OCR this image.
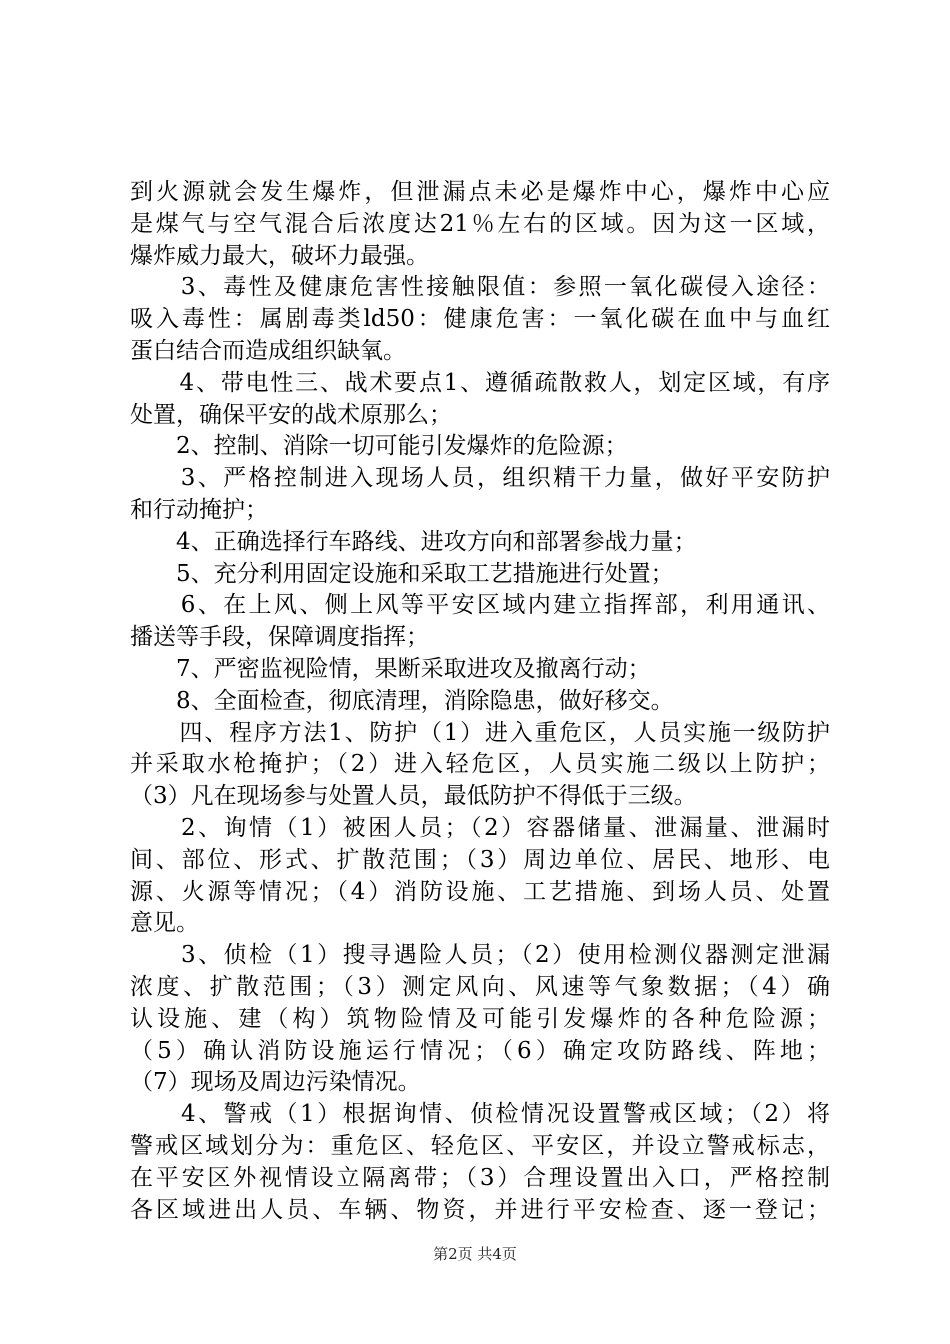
到火源就会发生爆炸，但泄漏点未必是爆炸中心，爆炸中心应
是煤气与空气混合后浓度达21％左右的区域。因为这一区域，
爆炸威力最大，破坏力最强。
　　3、毒性及健康危害性接触限值：参照一氧化碳侵入途径：
吸入毒性：属剧毒类ld50：健康危害：一氧化碳在血中与血红
蛋白结合而造成组织缺氧。
　　4、带电性三、战术要点1、遵循疏散救人，划定区域，有序
处置，确保平安的战术原那么；
　　2、控制、消除一切可能引发爆炸的危险源；
　　3、严格控制进入现场人员，组织精干力量，做好平安防护
和行动掩护；
　　4、正确选择行车路线、进攻方向和部署参战力量；
　　5、充分利用固定设施和采取工艺措施进行处置；
　　6、在上风、侧上风等平安区域内建立指挥部，利用通讯、
播送等手段，保障调度指挥；
　　7、严密监视险情，果断采取进攻及撤离行动；
　　8、全面检查，彻底清理，消除隐患，做好移交。
　　四、程序方法1、防护（1）进入重危区，人员实施一级防护
并采取水枪掩护；（2）进入轻危区，人员实施二级以上防护；
（3）凡在现场参与处置人员，最低防护不得低于三级。
　　2、询情（1）被困人员；（2）容器储量、泄漏量、泄漏时
间、部位、形式、扩散范围；（3）周边单位、居民、地形、电
源、火源等情况；（4）消防设施、工艺措施、到场人员、处置
意见。
　　3、侦检（1）搜寻遇险人员；（2）使用检测仪器测定泄漏
浓度、扩散范围；（3）测定风向、风速等气象数据；（4）确
认设施、建（构）筑物险情及可能引发爆炸的各种危险源；
（5）确认消防设施运行情况；（6）确定攻防路线、阵地；
（7）现场及周边污染情况。
　　4、警戒（1）根据询情、侦检情况设置警戒区域；（2）将
警戒区域划分为：重危区、轻危区、平安区，并设立警戒标志，
在平安区外视情设立隔离带；（3）合理设置出入口，严格控制
各区域进出人员、车辆、物资，并进行平安检查、逐一登记；
第2页 共4页
